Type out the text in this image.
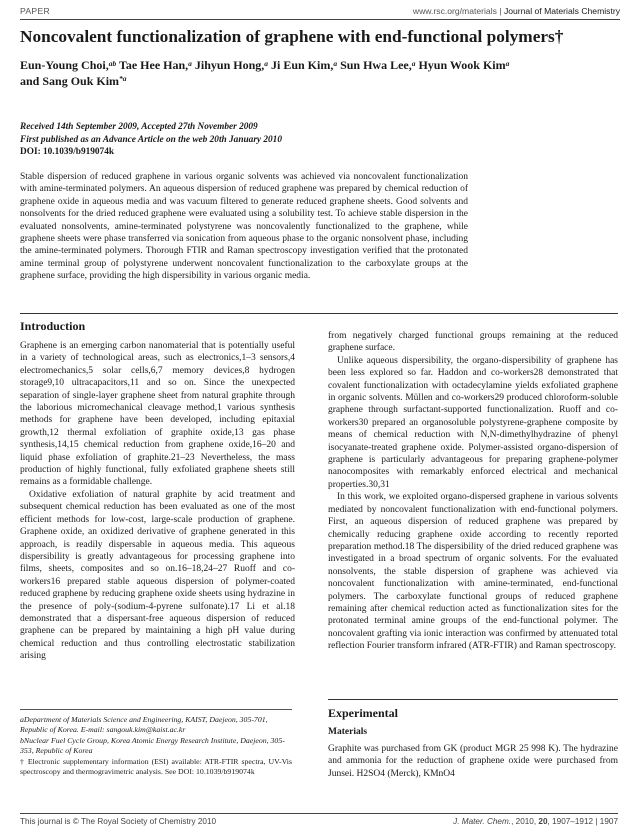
PAPER	www.rsc.org/materials | Journal of Materials Chemistry
Noncovalent functionalization of graphene with end-functional polymers†
Eun-Young Choi,$^{ab}$ Tae Hee Han,$^a$ Jihyun Hong,$^a$ Ji Eun Kim,$^a$ Sun Hwa Lee,$^a$ Hyun Wook Kim$^a$
and Sang Ouk Kim$^{*a}$
Received 14th September 2009, Accepted 27th November 2009
First published as an Advance Article on the web 20th January 2010
DOI: 10.1039/b919074k
Stable dispersion of reduced graphene in various organic solvents was achieved via noncovalent functionalization with amine-terminated polymers. An aqueous dispersion of reduced graphene was prepared by chemical reduction of graphene oxide in aqueous media and was vacuum filtered to generate reduced graphene sheets. Good solvents and nonsolvents for the dried reduced graphene were evaluated using a solubility test. To achieve stable dispersion in the evaluated nonsolvents, amine-terminated polystyrene was noncovalently functionalized to the graphene, while graphene sheets were phase transferred via sonication from aqueous phase to the organic nonsolvent phase, including the amine-terminated polymers. Thorough FTIR and Raman spectroscopy investigation verified that the protonated amine terminal group of polystyrene underwent noncovalent functionalization to the carboxylate groups at the graphene surface, providing the high dispersibility in various organic media.
Introduction
Graphene is an emerging carbon nanomaterial that is potentially useful in a variety of technological areas, such as electronics,1–3 sensors,4 electromechanics,5 solar cells,6,7 memory devices,8 hydrogen storage9,10 ultracapacitors,11 and so on. Since the unexpected separation of single-layer graphene sheet from natural graphite through the laborious micromechanical cleavage method,1 various synthesis methods for graphene have been developed, including epitaxial growth,12 thermal exfoliation of graphite oxide,13 gas phase synthesis,14,15 chemical reduction from graphene oxide,16–20 and liquid phase exfoliation of graphite.21–23 Nevertheless, the mass production of highly functional, fully exfoliated graphene sheets still remains as a formidable challenge.
Oxidative exfoliation of natural graphite by acid treatment and subsequent chemical reduction has been evaluated as one of the most efficient methods for low-cost, large-scale production of graphene. Graphene oxide, an oxidized derivative of graphene generated in this approach, is readily dispersable in aqueous media. This aqueous dispersibility is greatly advantageous for processing graphene into films, sheets, composites and so on.16–18,24–27 Ruoff and co-workers16 prepared stable aqueous dispersion of polymer-coated reduced graphene by reducing graphene oxide sheets using hydrazine in the presence of poly-(sodium-4-pyrene sulfonate).17 Li et al.18 demonstrated that a dispersant-free aqueous dispersion of reduced graphene can be prepared by maintaining a high pH value during chemical reduction and thus controlling electrostatic stabilization arising
from negatively charged functional groups remaining at the reduced graphene surface.
Unlike aqueous dispersibility, the organo-dispersibility of graphene has been less explored so far. Haddon and co-workers28 demonstrated that covalent functionalization with octadecylamine yields exfoliated graphene in organic solvents. Müllen and co-workers29 produced chloroform-soluble graphene through surfactant-supported functionalization. Ruoff and co-workers30 prepared an organosoluble polystyrene-graphene composite by means of chemical reduction with N,N-dimethylhydrazine of phenyl isocyanate-treated graphene oxide. Polymer-assisted organo-dispersion of graphene is particularly advantageous for preparing graphene-polymer nanocomposites with remarkably enforced electrical and mechanical properties.30,31
In this work, we exploited organo-dispersed graphene in various solvents mediated by noncovalent functionalization with end-functional polymers. First, an aqueous dispersion of reduced graphene was prepared by chemically reducing graphene oxide according to recently reported preparation method.18 The dispersibility of the dried reduced graphene was investigated in a broad spectrum of organic solvents. For the evaluated nonsolvents, the stable dispersion of graphene was achieved via noncovalent functionalization with amine-terminated, end-functional polymers. The carboxylate functional groups of reduced graphene remaining after chemical reduction acted as functionalization sites for the protonated terminal amine groups of the end-functional polymer. The noncovalent grafting via ionic interaction was confirmed by attenuated total reflection Fourier transform infrared (ATR-FTIR) and Raman spectroscopy.
aDepartment of Materials Science and Engineering, KAIST, Daejeon, 305-701, Republic of Korea. E-mail: sangouk.kim@kaist.ac.kr
bNuclear Fuel Cycle Group, Korea Atomic Energy Research Institute, Daejeon, 305-353, Republic of Korea
† Electronic supplementary information (ESI) available: ATR-FTIR spectra, UV-Vis spectroscopy and thermogravimetric analysis. See DOI: 10.1039/b919074k
Experimental
Materials
Graphite was purchased from GK (product MGR 25 998 K). The hydrazine and ammonia for the reduction of graphene oxide were purchased from Junsei. H2SO4 (Merck), KMnO4
This journal is © The Royal Society of Chemistry 2010	J. Mater. Chem., 2010, 20, 1907–1912 | 1907
